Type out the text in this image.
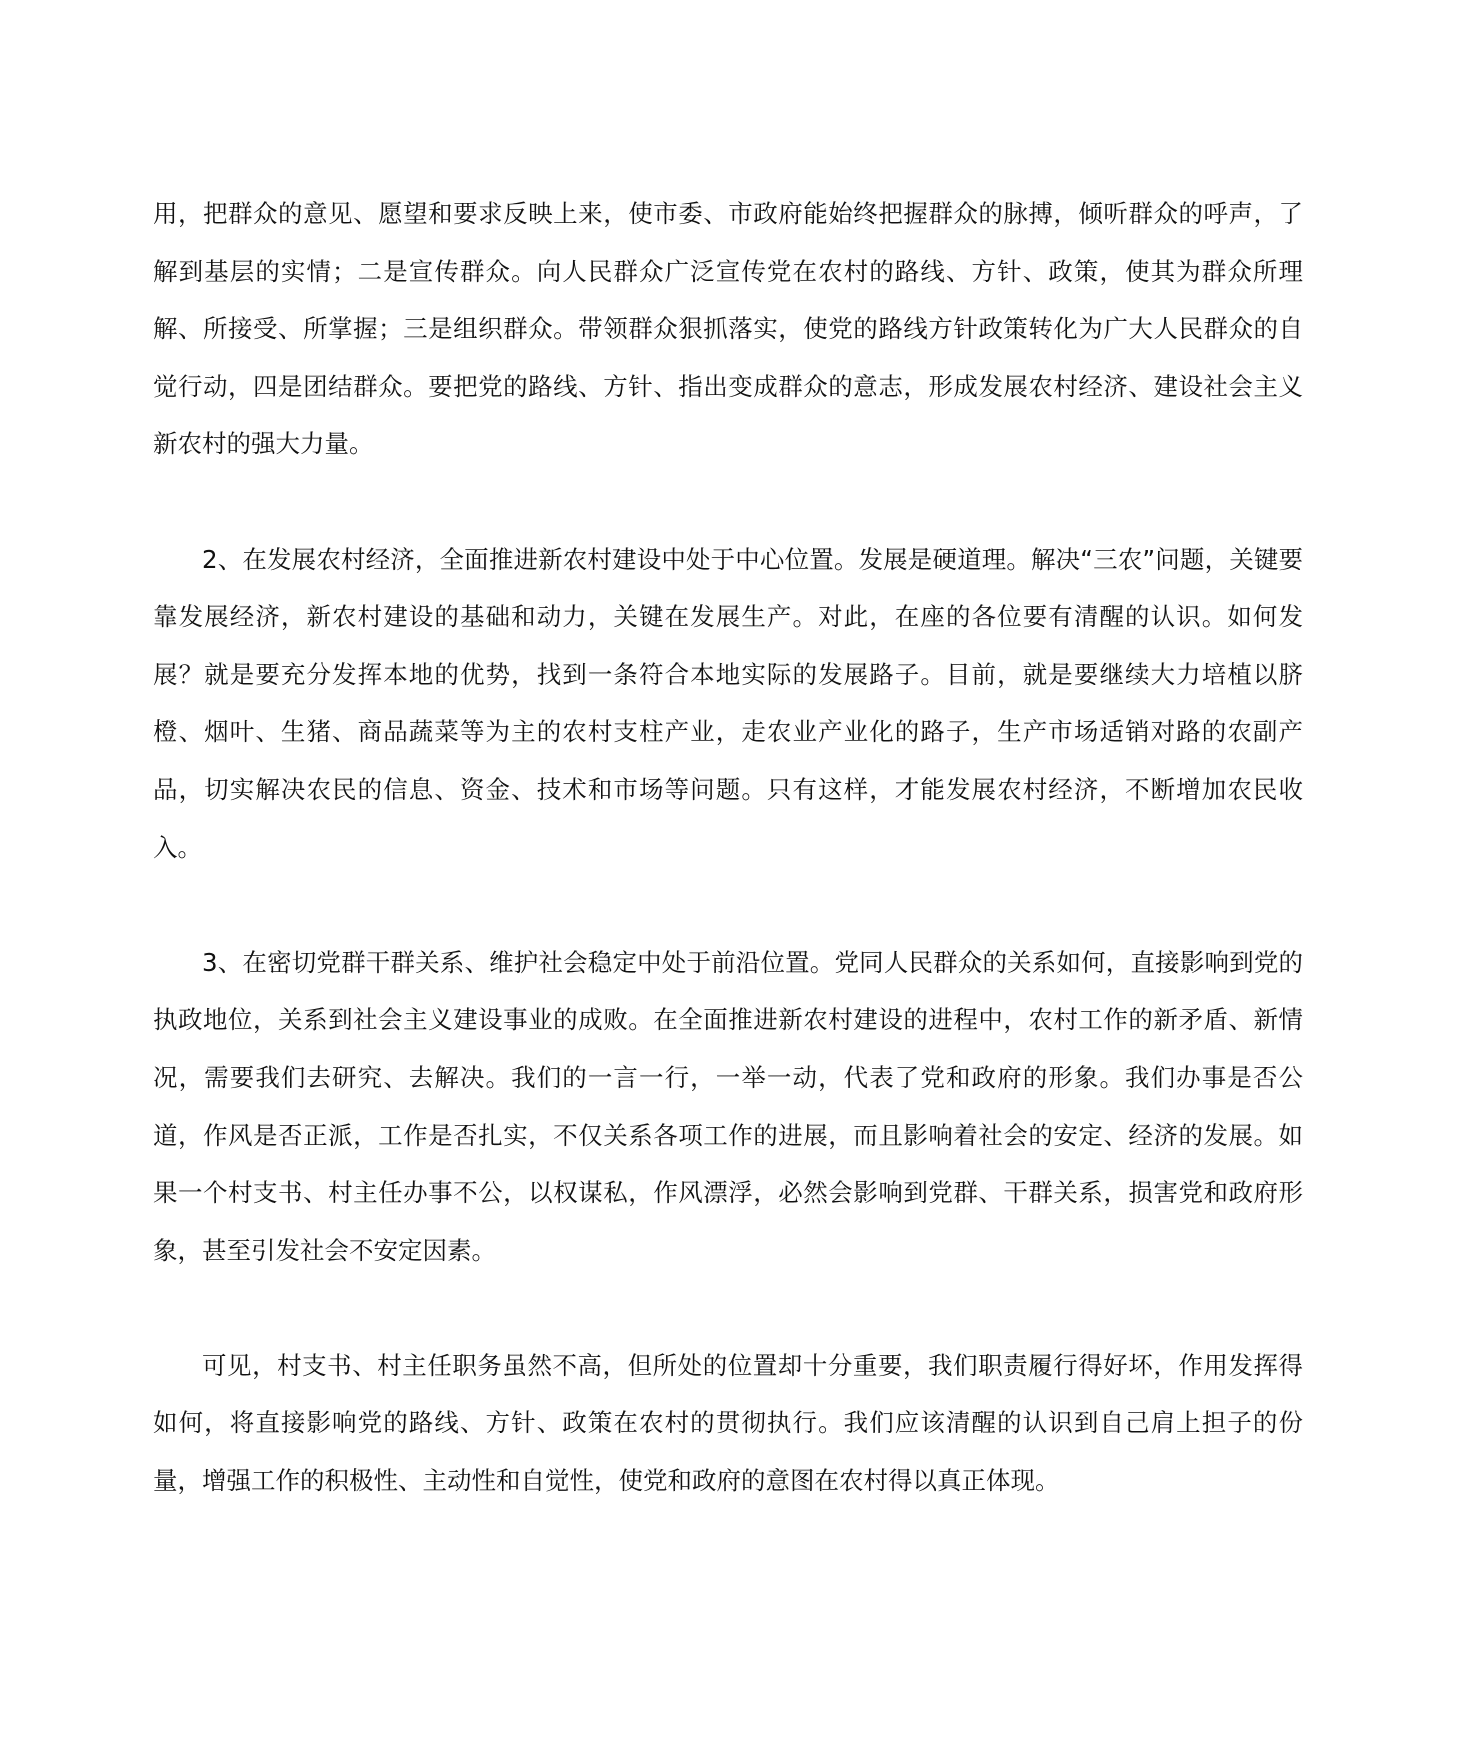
用，把群众的意见、愿望和要求反映上来，使市委、市政府能始终把握群众的脉搏，倾听群众的呼声，了解到基层的实情；二是宣传群众。向人民群众广泛宣传党在农村的路线、方针、政策，使其为群众所理解、所接受、所掌握；三是组织群众。带领群众狠抓落实，使党的路线方针政策转化为广大人民群众的自觉行动，四是团结群众。要把党的路线、方针、指出变成群众的意志，形成发展农村经济、建设社会主义新农村的强大力量。

2、在发展农村经济，全面推进新农村建设中处于中心位置。发展是硬道理。解决“三农”问题，关键要靠发展经济，新农村建设的基础和动力，关键在发展生产。对此，在座的各位要有清醒的认识。如何发展？就是要充分发挥本地的优势，找到一条符合本地实际的发展路子。目前，就是要继续大力培植以脐橙、烟叶、生猪、商品蔬菜等为主的农村支柱产业，走农业产业化的路子，生产市场适销对路的农副产品，切实解决农民的信息、资金、技术和市场等问题。只有这样，才能发展农村经济，不断增加农民收入。

3、在密切党群干群关系、维护社会稳定中处于前沿位置。党同人民群众的关系如何，直接影响到党的执政地位，关系到社会主义建设事业的成败。在全面推进新农村建设的进程中，农村工作的新矛盾、新情况，需要我们去研究、去解决。我们的一言一行，一举一动，代表了党和政府的形象。我们办事是否公道，作风是否正派，工作是否扎实，不仅关系各项工作的进展，而且影响着社会的安定、经济的发展。如果一个村支书、村主任办事不公，以权谋私，作风漂浮，必然会影响到党群、干群关系，损害党和政府形象，甚至引发社会不安定因素。

可见，村支书、村主任职务虽然不高，但所处的位置却十分重要，我们职责履行得好坏，作用发挥得如何，将直接影响党的路线、方针、政策在农村的贯彻执行。我们应该清醒的认识到自己肩上担子的份量，增强工作的积极性、主动性和自觉性，使党和政府的意图在农村得以真正体现。
